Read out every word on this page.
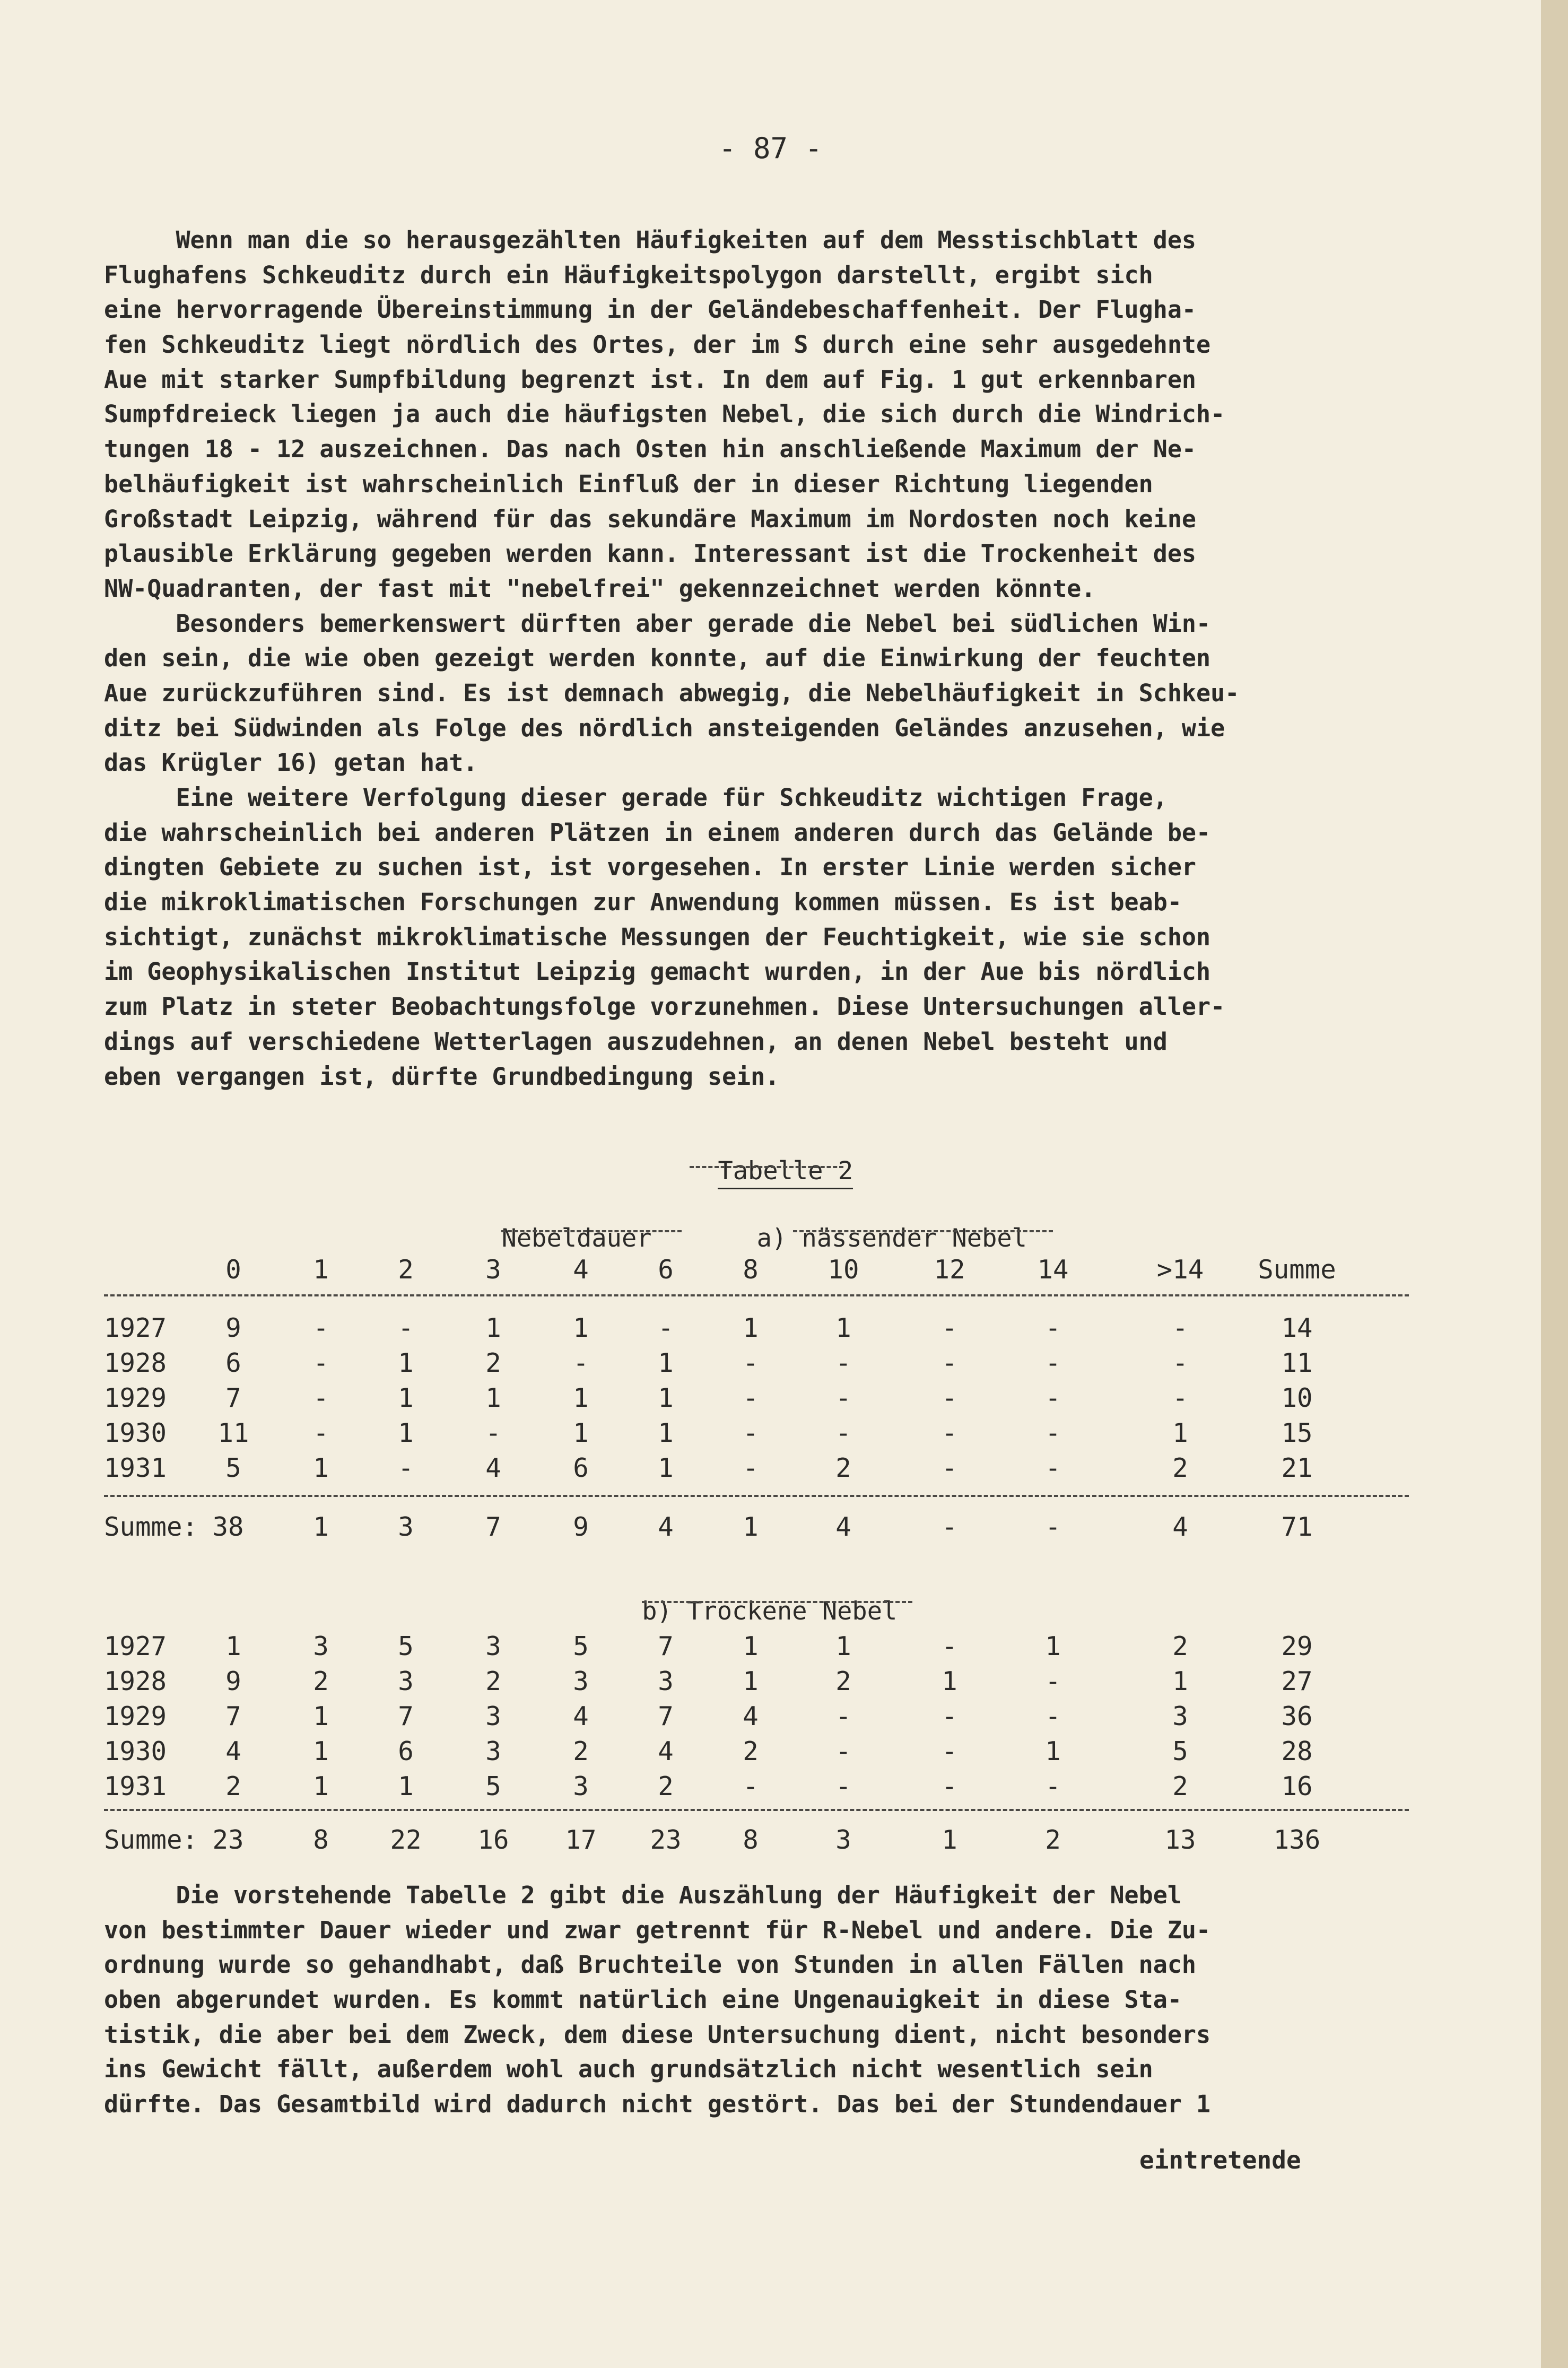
- 87 -
Wenn man die so herausgezählten Häufigkeiten auf dem Messtischblatt des
Flughafens Schkeuditz durch ein Häufigkeitspolygon darstellt, ergibt sich
eine hervorragende Übereinstimmung in der Geländebeschaffenheit. Der Flugha-
fen Schkeuditz liegt nördlich des Ortes, der im S durch eine sehr ausgedehnte
Aue mit starker Sumpfbildung begrenzt ist. In dem auf Fig. 1 gut erkennbaren
Sumpfdreieck liegen ja auch die häufigsten Nebel, die sich durch die Windrich-
tungen 18 - 12 auszeichnen. Das nach Osten hin anschließende Maximum der Ne-
belhäufigkeit ist wahrscheinlich Einfluß der in dieser Richtung liegenden
Großstadt Leipzig, während für das sekundäre Maximum im Nordosten noch keine
plausible Erklärung gegeben werden kann. Interessant ist die Trockenheit des
NW-Quadranten, der fast mit "nebelfrei" gekennzeichnet werden könnte.
Besonders bemerkenswert dürften aber gerade die Nebel bei südlichen Win-
den sein, die wie oben gezeigt werden konnte, auf die Einwirkung der feuchten
Aue zurückzuführen sind. Es ist demnach abwegig, die Nebelhäufigkeit in Schkeu-
ditz bei Südwinden als Folge des nördlich ansteigenden Geländes anzusehen, wie
das Krügler 16) getan hat.
Eine weitere Verfolgung dieser gerade für Schkeuditz wichtigen Frage,
die wahrscheinlich bei anderen Plätzen in einem anderen durch das Gelände be-
dingten Gebiete zu suchen ist, ist vorgesehen. In erster Linie werden sicher
die mikroklimatischen Forschungen zur Anwendung kommen müssen. Es ist beab-
sichtigt, zunächst mikroklimatische Messungen der Feuchtigkeit, wie sie schon
im Geophysikalischen Institut Leipzig gemacht wurden, in der Aue bis nördlich
zum Platz in steter Beobachtungsfolge vorzunehmen. Diese Untersuchungen aller-
dings auf verschiedene Wetterlagen auszudehnen, an denen Nebel besteht und
eben vergangen ist, dürfte Grundbedingung sein.

Tabelle 2

Nebeldauer	a) nässender Nebel

0	1	2	3	4	6	8	10	12	14	>14 Summe
1927 9	-	-	1	1	-	1	1	-	-	-	14
1928 6	-	1	2	-	1	-	-	-	-	-	11
1929 7	-	1	1	1	1	-	-	-	-	-	10
1930 11 -	1	-	1	1	-	-	-	-	1	15
1931 5	1	-	4	6	1	-	2	-	-	2	21
Summe: 38	1	3	7	9	4	1	4	-	-	4	71

b) Trockene Nebel

1927 1	3	5	3	5	7	1	1	-	1	2	29
1928 9	2	3	2	3	3	1	2	1	-	1	27
1929 7	1	7	3	4	7	4	-	-	-	3	36
1930 4	1	6	3	2	4	2	-	-	1	5	28
1931 2	1	1	5	3	2	-	-	-	-	2	16
Summe: 23	8 22 16 17 23 8	3	1	2	13	136
Die vorstehende Tabelle 2 gibt die Auszählung der Häufigkeit der Nebel
von bestimmter Dauer wieder und zwar getrennt für R-Nebel und andere. Die Zu-
ordnung wurde so gehandhabt, daß Bruchteile von Stunden in allen Fällen nach
oben abgerundet wurden. Es kommt natürlich eine Ungenauigkeit in diese Sta-
tistik, die aber bei dem Zweck, dem diese Untersuchung dient, nicht besonders
ins Gewicht fällt, außerdem wohl auch grundsätzlich nicht wesentlich sein
dürfte. Das Gesamtbild wird dadurch nicht gestört. Das bei der Stundendauer 1
eintretende
